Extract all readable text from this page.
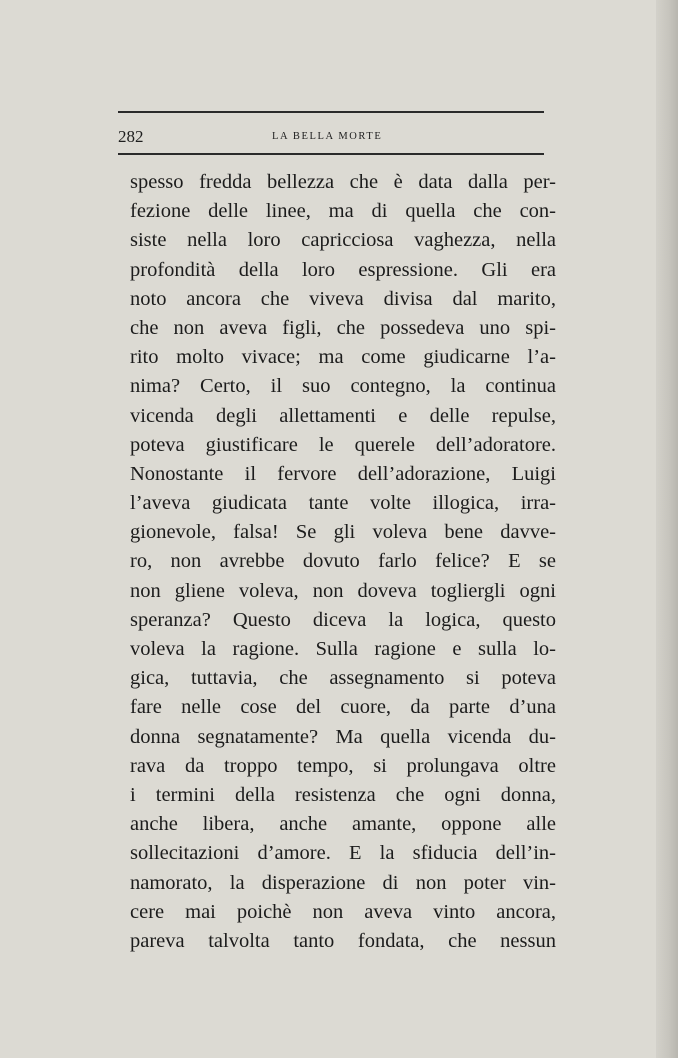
282	LA BELLA MORTE
spesso fredda bellezza che è data dalla per-
fezione delle linee, ma di quella che con-
siste nella loro capricciosa vaghezza, nella
profondità della loro espressione. Gli era
noto ancora che viveva divisa dal marito,
che non aveva figli, che possedeva uno spi-
rito molto vivace; ma come giudicarne l’a-
nima? Certo, il suo contegno, la continua
vicenda degli allettamenti e delle repulse,
poteva giustificare le querele dell’adoratore.
Nonostante il fervore dell’adorazione, Luigi
l’aveva giudicata tante volte illogica, irra-
gionevole, falsa! Se gli voleva bene davve-
ro, non avrebbe dovuto farlo felice? E se
non gliene voleva, non doveva togliergli ogni
speranza? Questo diceva la logica, questo
voleva la ragione. Sulla ragione e sulla lo-
gica, tuttavia, che assegnamento si poteva
fare nelle cose del cuore, da parte d’una
donna segnatamente? Ma quella vicenda du-
rava da troppo tempo, si prolungava oltre
i termini della resistenza che ogni donna,
anche libera, anche amante, oppone alle
sollecitazioni d’amore. E la sfiducia dell’in-
namorato, la disperazione di non poter vin-
cere mai poichè non aveva vinto ancora,
pareva talvolta tanto fondata, che nessun
